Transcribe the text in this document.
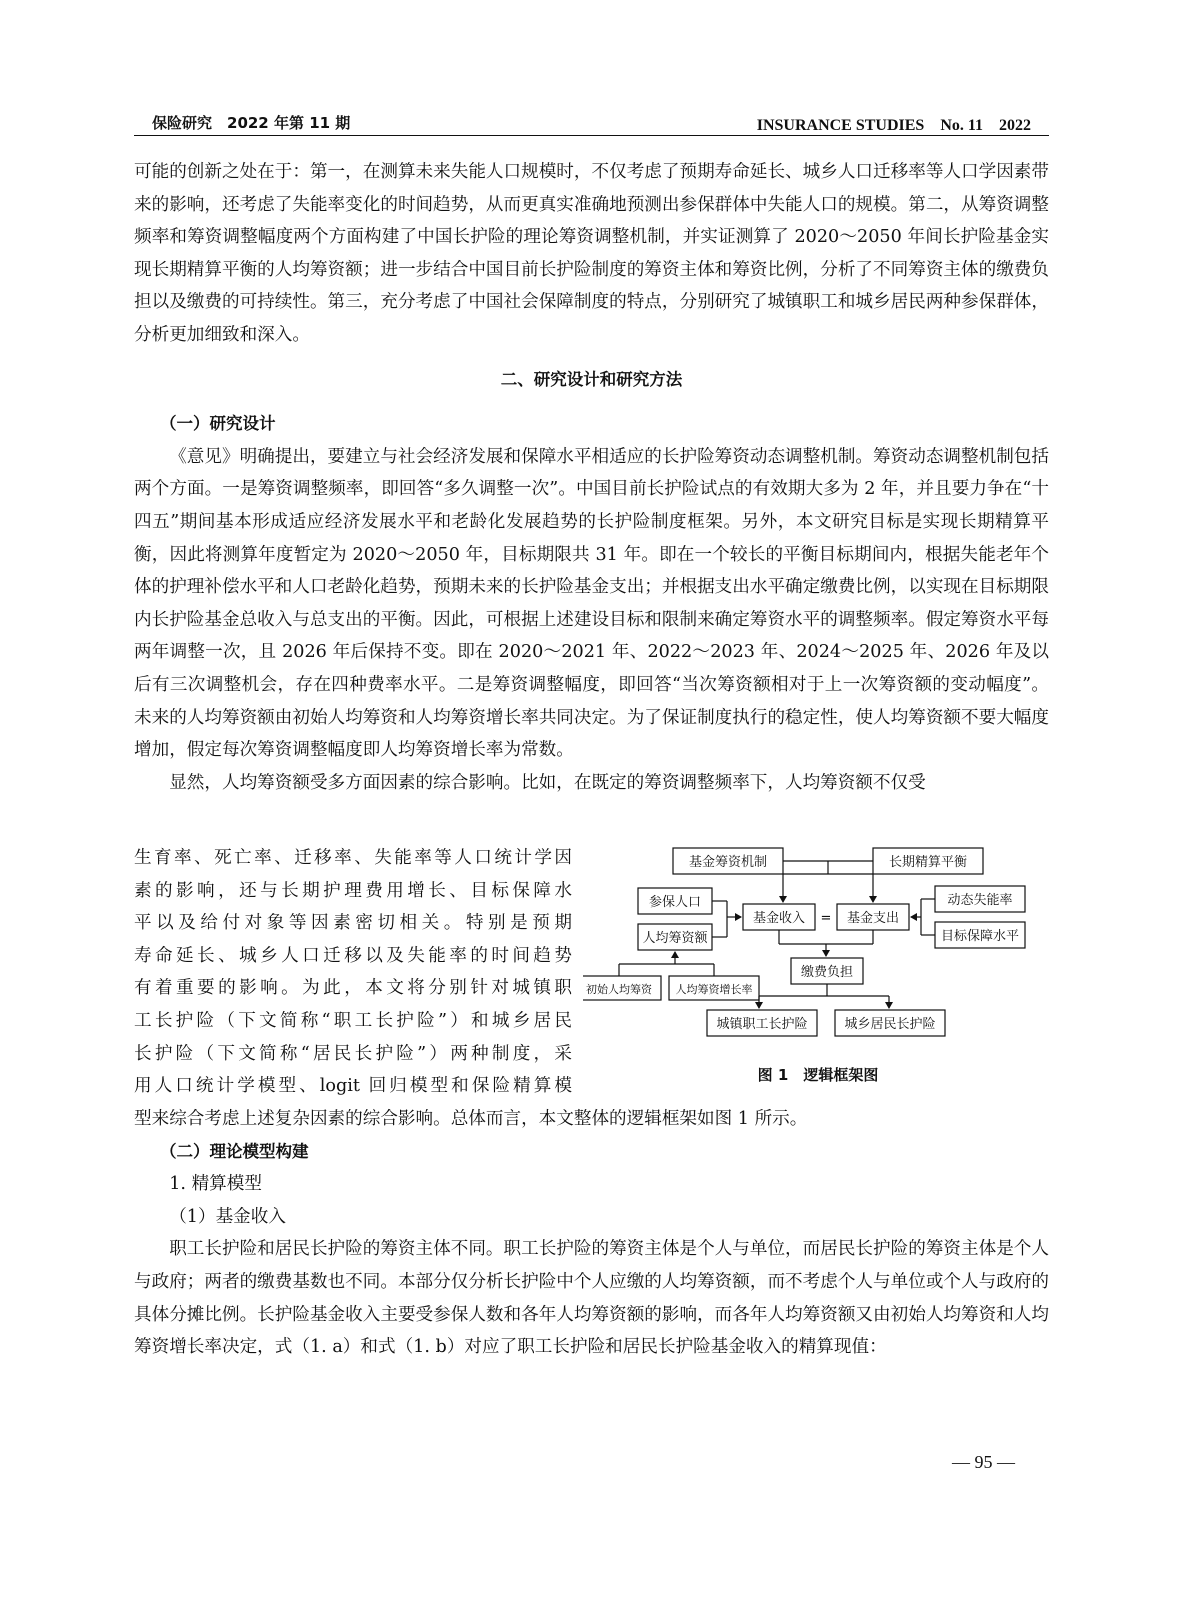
保险研究　2022 年第 11 期	INSURANCE STUDIES　No. 11　2022

可能的创新之处在于：第一，在测算未来失能人口规模时，不仅考虑了预期寿命延长、城乡人口迁移率等人口学因素带来的影响，还考虑了失能率变化的时间趋势，从而更真实准确地预测出参保群体中失能人口的规模。第二，从筹资调整频率和筹资调整幅度两个方面构建了中国长护险的理论筹资调整机制，并实证测算了 2020～2050 年间长护险基金实现长期精算平衡的人均筹资额；进一步结合中国目前长护险制度的筹资主体和筹资比例，分析了不同筹资主体的缴费负担以及缴费的可持续性。第三，充分考虑了中国社会保障制度的特点，分别研究了城镇职工和城乡居民两种参保群体，分析更加细致和深入。

二、研究设计和研究方法

（一）研究设计

《意见》明确提出，要建立与社会经济发展和保障水平相适应的长护险筹资动态调整机制。筹资动态调整机制包括两个方面。一是筹资调整频率，即回答“多久调整一次”。中国目前长护险试点的有效期大多为 2 年，并且要力争在“十四五”期间基本形成适应经济发展水平和老龄化发展趋势的长护险制度框架。另外，本文研究目标是实现长期精算平衡，因此将测算年度暂定为 2020～2050 年，目标期限共 31 年。即在一个较长的平衡目标期间内，根据失能老年个体的护理补偿水平和人口老龄化趋势，预期未来的长护险基金支出；并根据支出水平确定缴费比例，以实现在目标期限内长护险基金总收入与总支出的平衡。因此，可根据上述建设目标和限制来确定筹资水平的调整频率。假定筹资水平每两年调整一次，且 2026 年后保持不变。即在 2020～2021 年、2022～2023 年、2024～2025 年、2026 年及以后有三次调整机会，存在四种费率水平。二是筹资调整幅度，即回答“当次筹资额相对于上一次筹资额的变动幅度”。未来的人均筹资额由初始人均筹资和人均筹资增长率共同决定。为了保证制度执行的稳定性，使人均筹资额不要大幅度增加，假定每次筹资调整幅度即人均筹资增长率为常数。

显然，人均筹资额受多方面因素的综合影响。比如，在既定的筹资调整频率下，人均筹资额不仅受

生育率、死亡率、迁移率、失能率等人口统计学因

素的影响，还与长期护理费用增长、目标保障水

平以及给付对象等因素密切相关。特别是预期

寿命延长、城乡人口迁移以及失能率的时间趋势

有着重要的影响。为此，本文将分别针对城镇职

工长护险（下文简称“职工长护险”）和城乡居民

长护险（下文简称“居民长护险”）两种制度，采

用人口统计学模型、logit 回归模型和保险精算模

基金筹资机制	长期精算平衡
参保人口
人均筹资额
基金收入 = 基金支出
动态失能率
目标保障水平
缴费负担
初始人均筹资 人均筹资增长率
城镇职工长护险	城乡居民长护险
图 1　逻辑框架图

型来综合考虑上述复杂因素的综合影响。总体而言，本文整体的逻辑框架如图 1 所示。

（二）理论模型构建

1. 精算模型

（1）基金收入

职工长护险和居民长护险的筹资主体不同。职工长护险的筹资主体是个人与单位，而居民长护险的筹资主体是个人与政府；两者的缴费基数也不同。本部分仅分析长护险中个人应缴的人均筹资额，而不考虑个人与单位或个人与政府的具体分摊比例。长护险基金收入主要受参保人数和各年人均筹资额的影响，而各年人均筹资额又由初始人均筹资和人均筹资增长率决定，式（1. a）和式（1. b）对应了职工长护险和居民长护险基金收入的精算现值：

— 95 —
